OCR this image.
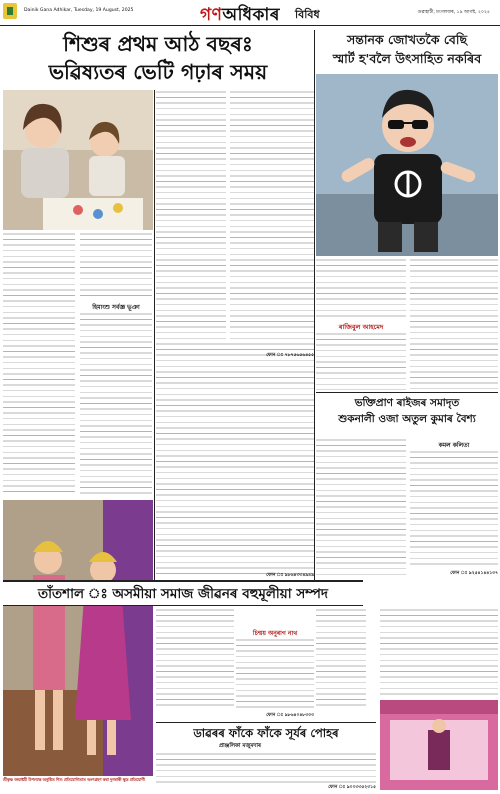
Dainik Gana Adhikar, Tuesday, 19 August, 2025	গণঅধিকাৰ বিবিধ	গুৱাহাটী, মংগলবাৰ, ১৯ আগষ্ট, ২০২৫
শিশুৰ প্ৰথম আঠ বছৰঃ
ভৱিষ্যতৰ ভেটি গঢ়াৰ সময়
সন্তানক জোখতকৈ বেছি
স্মাৰ্ট হ'বলৈ উৎসাহিত নকৰিব
হিমাংশু সৰ্বজ্ঞ ভূঞা
ফোন ঃ ৭৮৭৫৬৫৬৪৫৫
শ্ৰীকৃষ্ণ জন্মাষ্টমী উপলক্ষে অনুষ্ঠিত শিশু প্ৰতিযোগিতাত অংশগ্ৰহণ কৰা দুগৰাকী ক্ষুদ্ৰ প্ৰতিযোগী
ৰাজিবুল আহমেদ
ভক্তিপ্ৰাণ ৰাইজৰ সমাদৃত
শুকনালী ওজা অতুল কুমাৰ বৈশ্য
কমল কলিতা
ফোন ঃ ৯২৫৪১৪৪১৩৭
তাঁতশাল ঃ অসমীয়া সমাজ জীৱনৰ বহুমূলীয়া সম্পদ
চিন্ময় অনুৰাগ নাথ
ফোন ঃ ৯৮৬৪০৪৮৩৩৩
ডাৱৰৰ ফাঁকে ফাঁকে সূৰ্যৰ পোহৰ
প্ৰাঞ্জলিকা মজুমদাৰ
ফোন ঃ ৯০০৩৩৫২৩১৫
ফোন ঃ ৯৮৬৪৩৩৪৯৪৯
